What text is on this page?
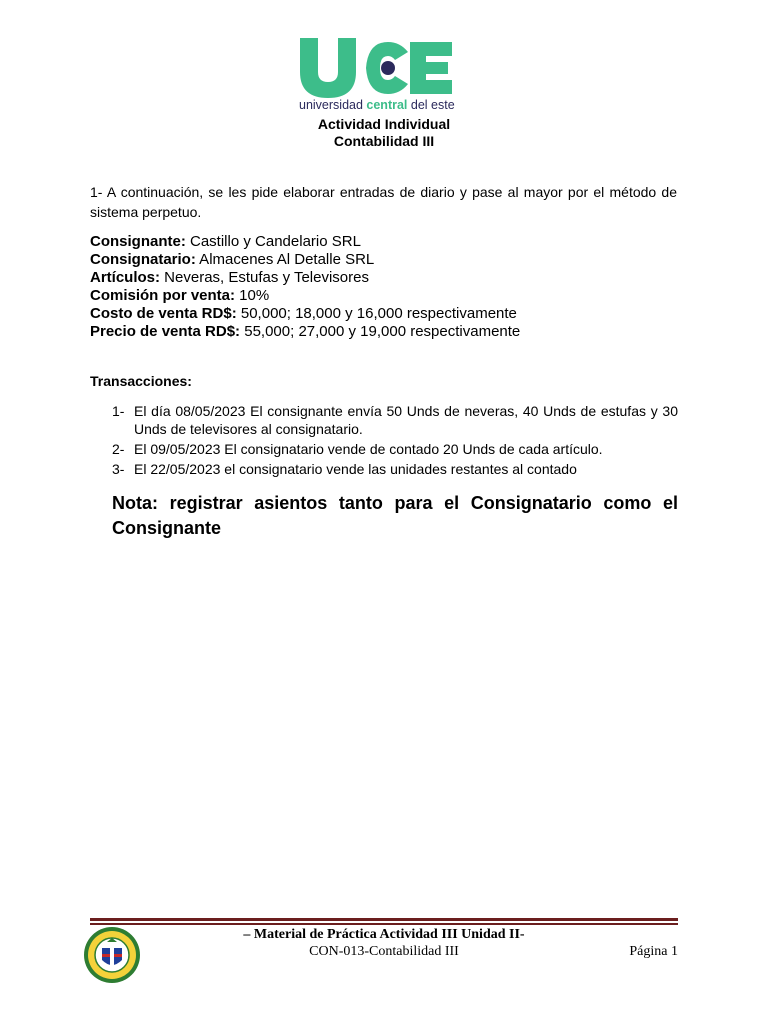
universidad central del este
Actividad Individual
Contabilidad III
1- A continuación, se les pide elaborar entradas de diario y pase al mayor por el método de sistema perpetuo.
Consignante: Castillo y Candelario SRL
Consignatario: Almacenes Al Detalle SRL
Artículos: Neveras, Estufas y Televisores
Comisión por venta: 10%
Costo de venta RD$: 50,000; 18,000 y 16,000 respectivamente
Precio de venta RD$: 55,000; 27,000 y 19,000 respectivamente
Transacciones:
1- El día 08/05/2023 El consignante envía 50 Unds de neveras, 40 Unds de estufas y 30 Unds de televisores al consignatario.
2- El 09/05/2023 El consignatario vende de contado 20 Unds de cada artículo.
3- El 22/05/2023 el consignatario vende las unidades restantes al contado
Nota: registrar asientos tanto para el Consignatario como el
Consignante
– Material de Práctica Actividad III Unidad II-
CON-013-Contabilidad III	Página 1
